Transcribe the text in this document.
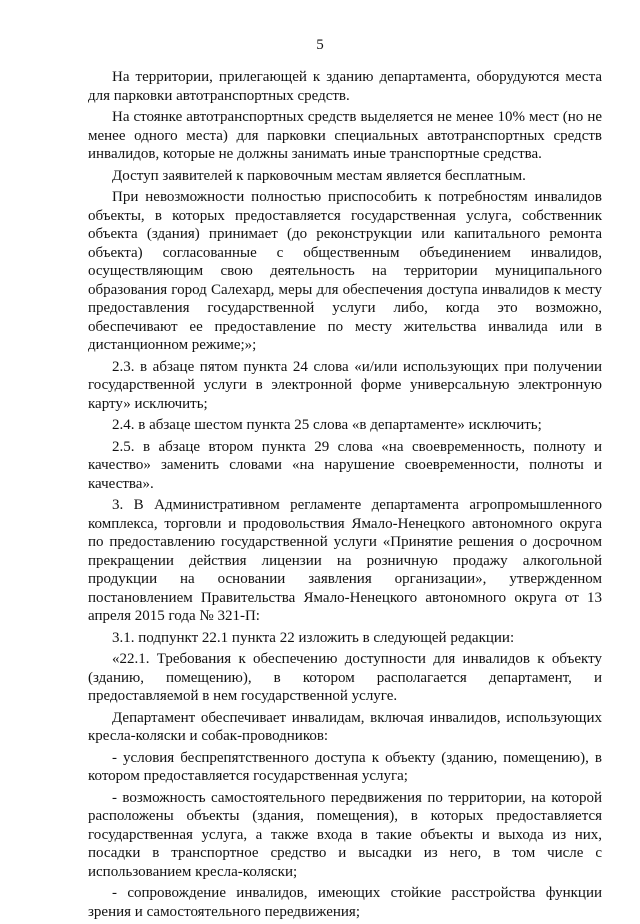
5

На территории, прилегающей к зданию департамента, оборудуются места для парковки автотранспортных средств.

На стоянке автотранспортных средств выделяется не менее 10% мест (но не менее одного места) для парковки специальных автотранспортных средств инвалидов, которые не должны занимать иные транспортные средства.

Доступ заявителей к парковочным местам является бесплатным.

При невозможности полностью приспособить к потребностям инвалидов объекты, в которых предоставляется государственная услуга, собственник объекта (здания) принимает (до реконструкции или капитального ремонта объекта) согласованные с общественным объединением инвалидов, осуществляющим свою деятельность на территории муниципального образования город Салехард, меры для обеспечения доступа инвалидов к месту предоставления государственной услуги либо, когда это возможно, обеспечивают ее предоставление по месту жительства инвалида или в дистанционном режиме;»;

2.3. в абзаце пятом пункта 24 слова «и/или использующих при получении государственной услуги в электронной форме универсальную электронную карту» исключить;

2.4. в абзаце шестом пункта 25 слова «в департаменте» исключить;

2.5. в абзаце втором пункта 29 слова «на своевременность, полноту и качество» заменить словами «на нарушение своевременности, полноты и качества».

3. В Административном регламенте департамента агропромышленного комплекса, торговли и продовольствия Ямало-Ненецкого автономного округа по предоставлению государственной услуги «Принятие решения о досрочном прекращении действия лицензии на розничную продажу алкогольной продукции на основании заявления организации», утвержденном постановлением Правительства Ямало-Ненецкого автономного округа от 13 апреля 2015 года № 321-П:

3.1. подпункт 22.1 пункта 22 изложить в следующей редакции:

«22.1. Требования к обеспечению доступности для инвалидов к объекту (зданию, помещению), в котором располагается департамент, и предоставляемой в нем государственной услуге.

Департамент обеспечивает инвалидам, включая инвалидов, использующих кресла-коляски и собак-проводников:

- условия беспрепятственного доступа к объекту (зданию, помещению), в котором предоставляется государственная услуга;

- возможность самостоятельного передвижения по территории, на которой расположены объекты (здания, помещения), в которых предоставляется государственная услуга, а также входа в такие объекты и выхода из них, посадки в транспортное средство и высадки из него, в том числе с использованием кресла-коляски;

- сопровождение инвалидов, имеющих стойкие расстройства функции зрения и самостоятельного передвижения;
